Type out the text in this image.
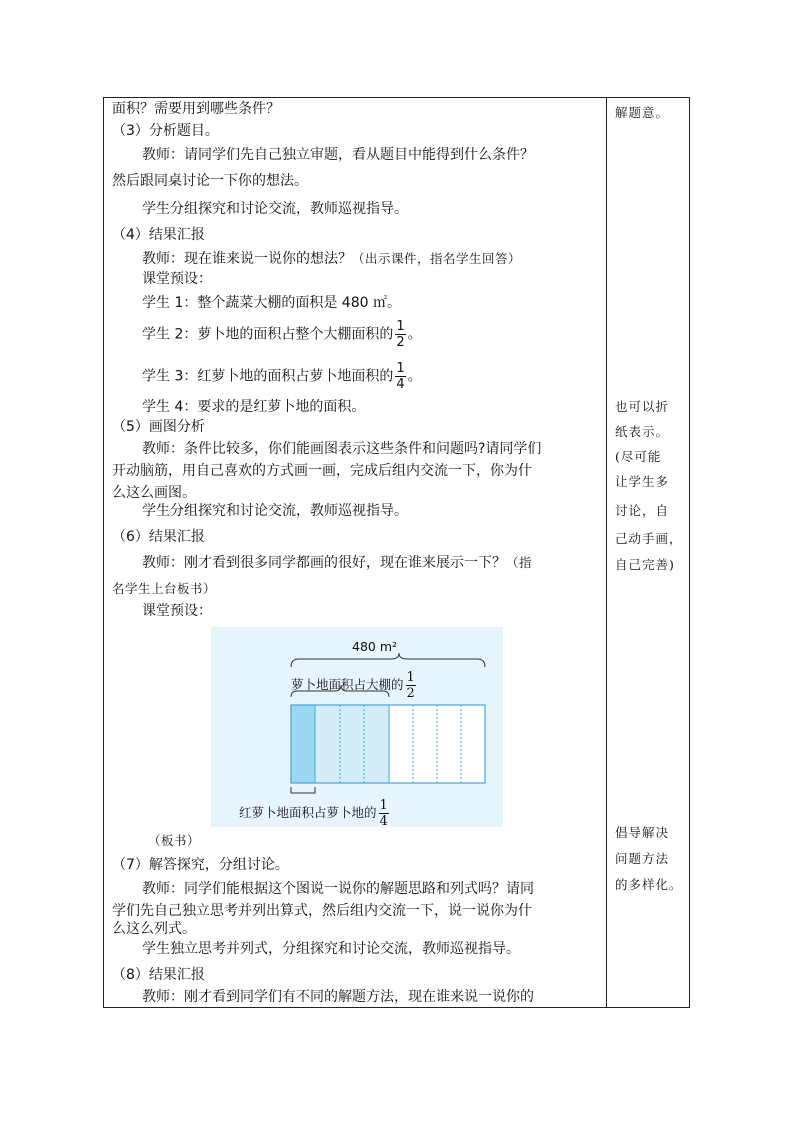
面积？需要用到哪些条件？
（3）分析题目。
教师：请同学们先自己独立审题，看从题目中能得到什么条件？
然后跟同桌讨论一下你的想法。
学生分组探究和讨论交流，教师巡视指导。
（4）结果汇报
教师：现在谁来说一说你的想法？（出示课件，指名学生回答）
课堂预设：
学生 1：整个蔬菜大棚的面积是 480 ㎡。
学生 2：萝卜地的面积占整个大棚面积的 $\frac{1}{2}$ 。
学生 3：红萝卜地的面积占萝卜地面积的 $\frac{1}{4}$ 。
学生 4：要求的是红萝卜地的面积。
（5）画图分析
教师：条件比较多，你们能画图表示这些条件和问题吗?请同学们
开动脑筋，用自己喜欢的方式画一画，完成后组内交流一下，你为什
么这么画图。
学生分组探究和讨论交流，教师巡视指导。
（6）结果汇报
教师：刚才看到很多同学都画的很好，现在谁来展示一下？（指
名学生上台板书）
课堂预设：
480 m²
萝卜地面积占大棚的 $\frac{1}{2}$
红萝卜地面积占萝卜地的 $\frac{1}{4}$
（板书）
（7）解答探究，分组讨论。
教师：同学们能根据这个图说一说你的解题思路和列式吗？请同
学们先自己独立思考并列出算式，然后组内交流一下，说一说你为什
么这么列式。
学生独立思考并列式，分组探究和讨论交流，教师巡视指导。
（8）结果汇报
教师：刚才看到同学们有不同的解题方法，现在谁来说一说你的
解题意。
也可以折
纸表示。
(尽可能
让学生多
讨论，自
己动手画，
自己完善)
倡导解决
问题方法
的多样化。
